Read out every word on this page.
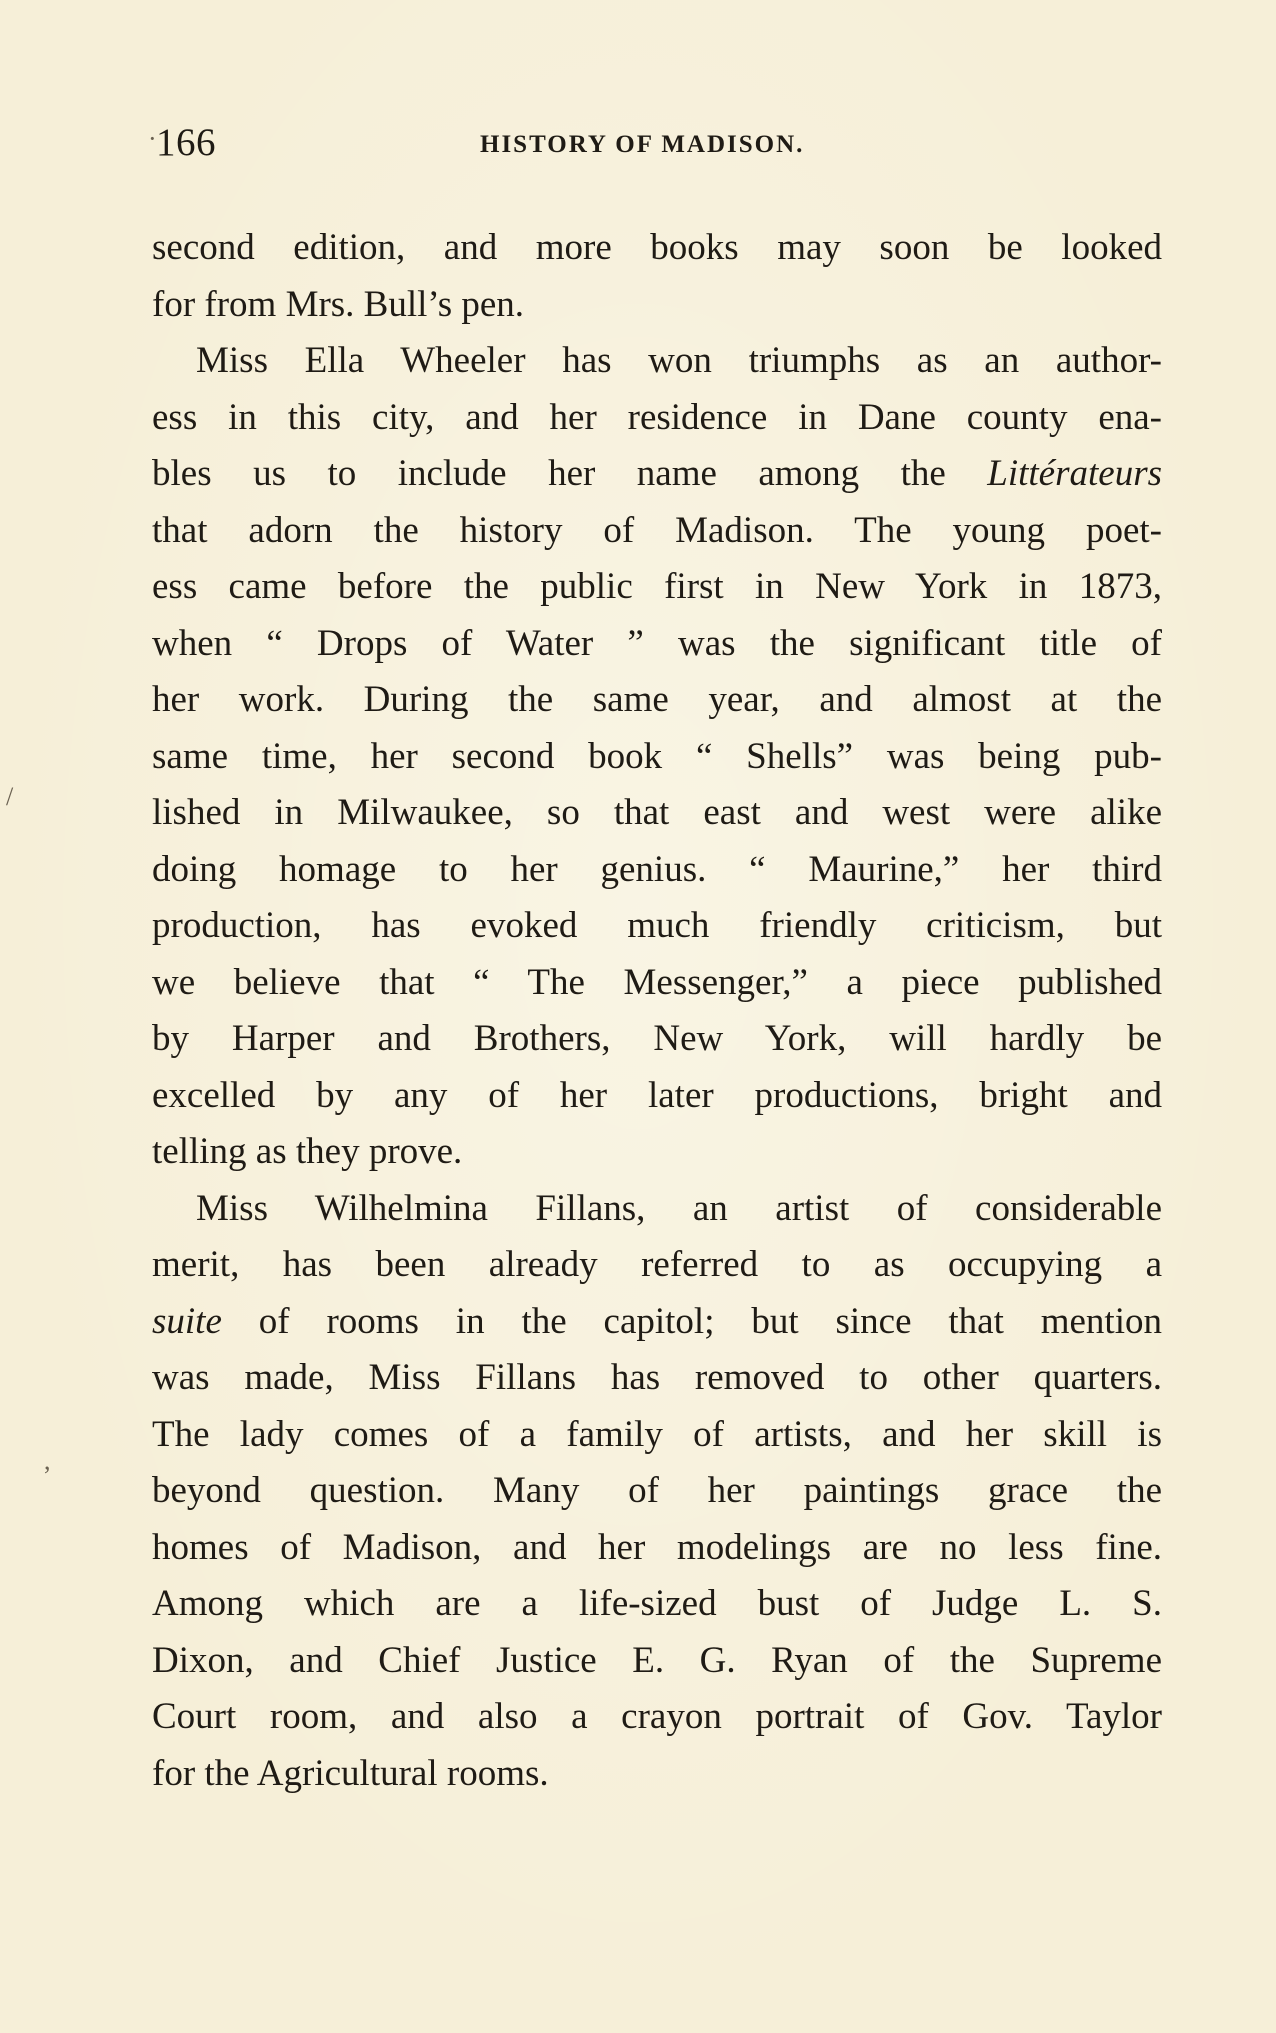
166	HISTORY OF MADISON.
second edition, and more books may soon be looked
for from Mrs. Bull’s pen.
Miss Ella Wheeler has won triumphs as an author-
ess in this city, and her residence in Dane county ena-
bles us to include her name among the Littérateurs
that adorn the history of Madison. The young poet-
ess came before the public first in New York in 1873,
when “ Drops of Water ” was the significant title of
her work. During the same year, and almost at the
same time, her second book “ Shells” was being pub-
lished in Milwaukee, so that east and west were alike
doing homage to her genius. “ Maurine,” her third
production, has evoked much friendly criticism, but
we believe that “ The Messenger,” a piece published
by Harper and Brothers, New York, will hardly be
excelled by any of her later productions, bright and
telling as they prove.
Miss Wilhelmina Fillans, an artist of considerable
merit, has been already referred to as occupying a
suite of rooms in the capitol; but since that mention
was made, Miss Fillans has removed to other quarters.
The lady comes of a family of artists, and her skill is
beyond question. Many of her paintings grace the
homes of Madison, and her modelings are no less fine.
Among which are a life-sized bust of Judge L. S.
Dixon, and Chief Justice E. G. Ryan of the Supreme
Court room, and also a crayon portrait of Gov. Taylor
for the Agricultural rooms.
·
/
,
